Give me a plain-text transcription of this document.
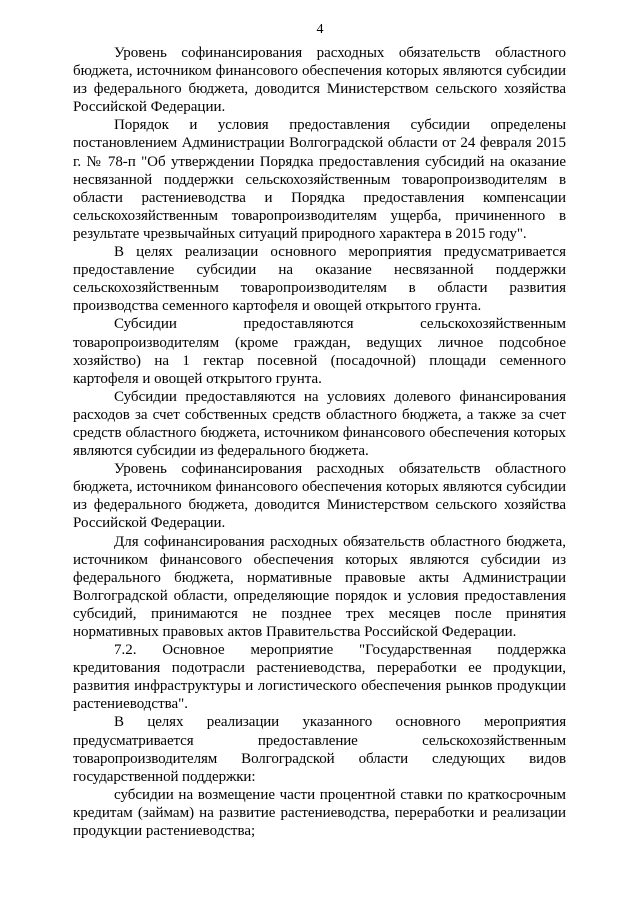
4

Уровень софинансирования расходных обязательств областного бюджета, источником финансового обеспечения которых являются субсидии из федерального бюджета, доводится Министерством сельского хозяйства Российской Федерации.

Порядок и условия предоставления субсидии определены постановлением Администрации Волгоградской области от 24 февраля 2015 г. № 78-п "Об утверждении Порядка предоставления субсидий на оказание несвязанной поддержки сельскохозяйственным товаропроизводителям в области растениеводства и Порядка предоставления компенсации сельскохозяйственным товаропроизводителям ущерба, причиненного в результате чрезвычайных ситуаций природного характера в 2015 году".

В целях реализации основного мероприятия предусматривается предоставление субсидии на оказание несвязанной поддержки сельскохозяйственным товаропроизводителям в области развития производства семенного картофеля и овощей открытого грунта.

Субсидии предоставляются сельскохозяйственным товаропроизводителям (кроме граждан, ведущих личное подсобное хозяйство) на 1 гектар посевной (посадочной) площади семенного картофеля и овощей открытого грунта.

Субсидии предоставляются на условиях долевого финансирования расходов за счет собственных средств областного бюджета, а также за счет средств областного бюджета, источником финансового обеспечения которых являются субсидии из федерального бюджета.

Уровень софинансирования расходных обязательств областного бюджета, источником финансового обеспечения которых являются субсидии из федерального бюджета, доводится Министерством сельского хозяйства Российской Федерации.

Для софинансирования расходных обязательств областного бюджета, источником финансового обеспечения которых являются субсидии из федерального бюджета, нормативные правовые акты Администрации Волгоградской области, определяющие порядок и условия предоставления субсидий, принимаются не позднее трех месяцев после принятия нормативных правовых актов Правительства Российской Федерации.

7.2. Основное мероприятие "Государственная поддержка кредитования подотрасли растениеводства, переработки ее продукции, развития инфраструктуры и логистического обеспечения рынков продукции растениеводства".

В целях реализации указанного основного мероприятия предусматривается предоставление сельскохозяйственным товаропроизводителям Волгоградской области следующих видов государственной поддержки:

субсидии на возмещение части процентной ставки по краткосрочным кредитам (займам) на развитие растениеводства, переработки и реализации продукции растениеводства;
